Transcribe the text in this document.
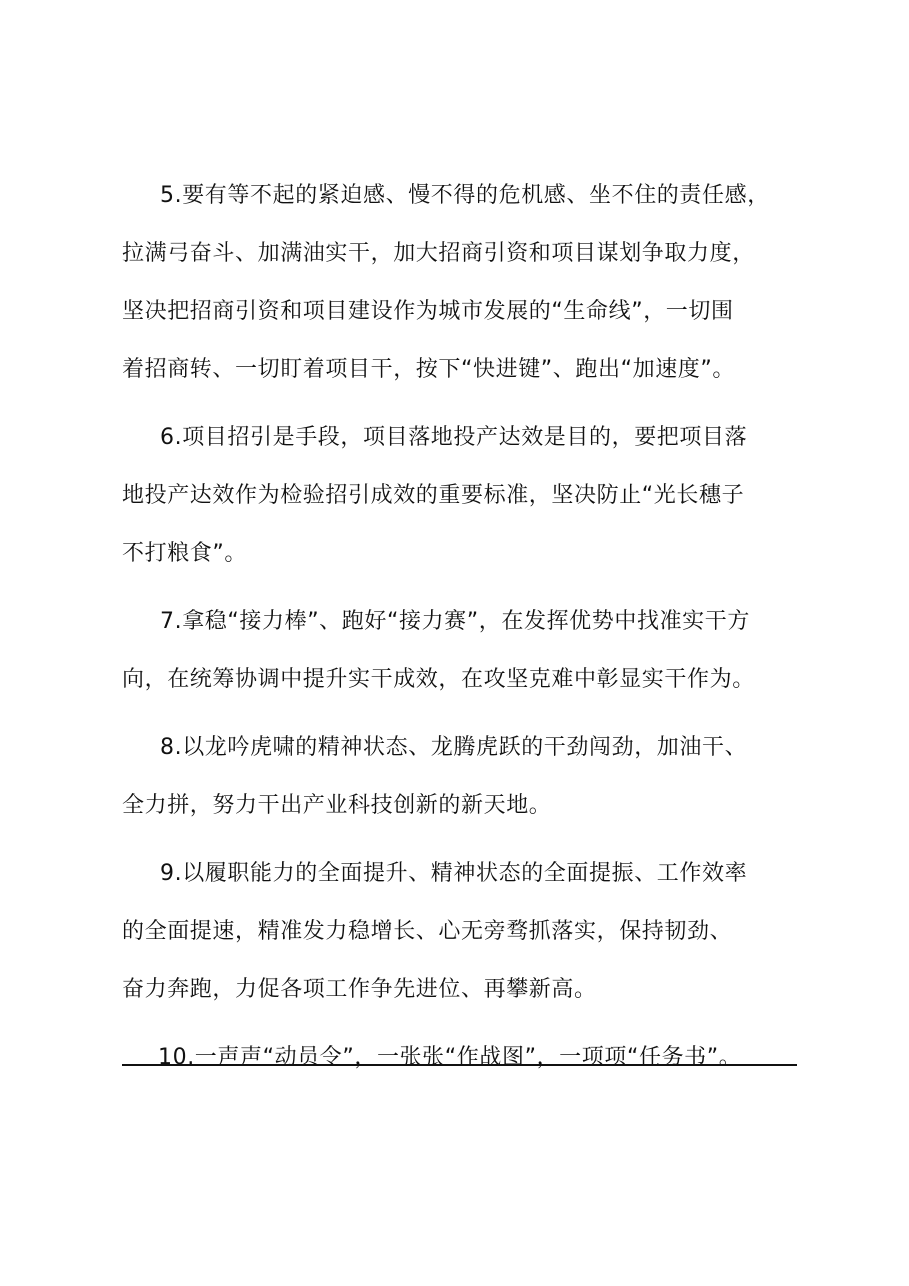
5.要有等不起的紧迫感、慢不得的危机感、坐不住的责任感，
拉满弓奋斗、加满油实干，加大招商引资和项目谋划争取力度，
坚决把招商引资和项目建设作为城市发展的“生命线”，一切围
着招商转、一切盯着项目干，按下“快进键”、跑出“加速度”。

6.项目招引是手段，项目落地投产达效是目的，要把项目落
地投产达效作为检验招引成效的重要标准，坚决防止“光长穗子
不打粮食”。

7.拿稳“接力棒”、跑好“接力赛”，在发挥优势中找准实干方
向，在统筹协调中提升实干成效，在攻坚克难中彰显实干作为。

8.以龙吟虎啸的精神状态、龙腾虎跃的干劲闯劲，加油干、
全力拼，努力干出产业科技创新的新天地。

9.以履职能力的全面提升、精神状态的全面提振、工作效率
的全面提速，精准发力稳增长、心无旁骛抓落实，保持韧劲、
奋力奔跑，力促各项工作争先进位、再攀新高。

10.一声声“动员令”，一张张“作战图”，一项项“任务书”。
